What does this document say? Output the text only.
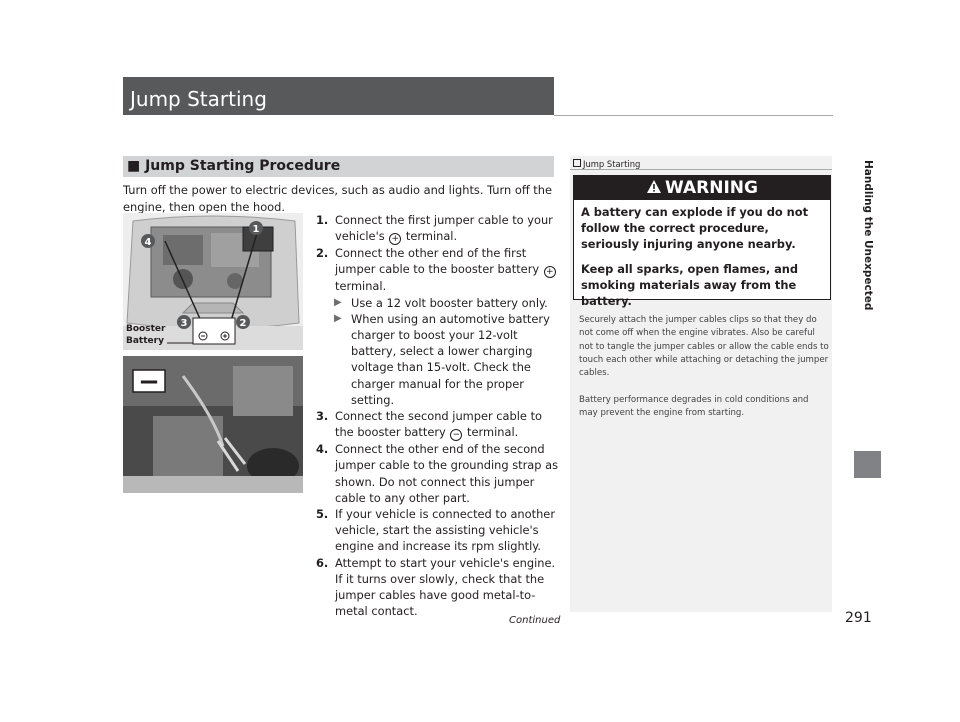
Jump Starting
■ Jump Starting Procedure
Turn off the power to electric devices, such as audio and lights. Turn off the engine, then open the hood.
4
1
3	2
Booster
Battery
−
1. Connect the first jumper cable to your vehicle's + terminal.
2. Connect the other end of the first jumper cable to the booster battery + terminal.
▶ Use a 12 volt booster battery only.
▶ When using an automotive battery charger to boost your 12-volt battery, select a lower charging voltage than 15-volt. Check the charger manual for the proper setting.
3. Connect the second jumper cable to the booster battery − terminal.
4. Connect the other end of the second jumper cable to the grounding strap as shown. Do not connect this jumper cable to any other part.
5. If your vehicle is connected to another vehicle, start the assisting vehicle's engine and increase its rpm slightly.
6. Attempt to start your vehicle's engine. If it turns over slowly, check that the jumper cables have good metal-to-metal contact.
Jump Starting
WARNING
A battery can explode if you do not follow the correct procedure, seriously injuring anyone nearby.
Keep all sparks, open flames, and smoking materials away from the battery.
Securely attach the jumper cables clips so that they do not come off when the engine vibrates. Also be careful not to tangle the jumper cables or allow the cable ends to touch each other while attaching or detaching the jumper cables.
Battery performance degrades in cold conditions and may prevent the engine from starting.
Handling the Unexpected
Continued	291
